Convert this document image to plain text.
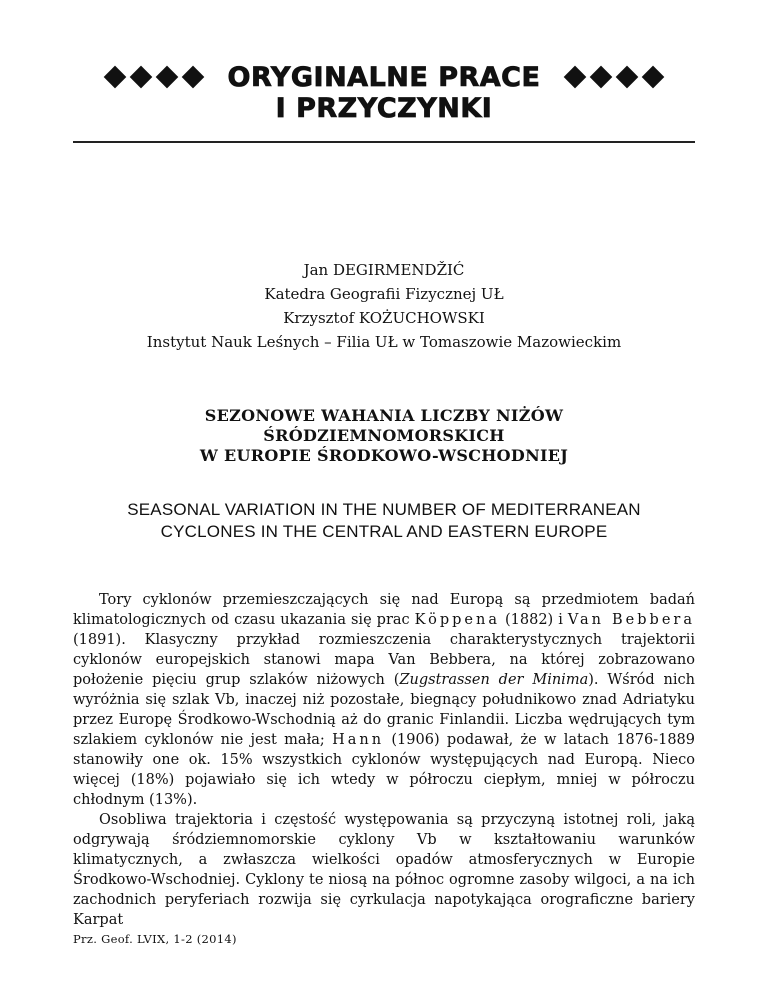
ORYGINALNE PRACE
I PRZYCZYNKI
Jan DEGIRMENDŽIĆ
Katedra Geografii Fizycznej UŁ
Krzysztof KOŻUCHOWSKI
Instytut Nauk Leśnych – Filia UŁ w Tomaszowie Mazowieckim
SEZONOWE WAHANIA LICZBY NIŻÓW
ŚRÓDZIEMNOMORSKICH
W EUROPIE ŚRODKOWO-WSCHODNIEJ
SEASONAL VARIATION IN THE NUMBER OF MEDITERRANEAN
CYCLONES IN THE CENTRAL AND EASTERN EUROPE

Tory cyklonów przemieszczających się nad Europą są przedmiotem badań klimatologicznych od czasu ukazania się prac Köppena (1882) i Van Bebbera (1891). Klasyczny przykład rozmieszczenia charakterystycznych trajektorii cyklonów europejskich stanowi mapa Van Bebbera, na której zobrazowano położenie pięciu grup szlaków niżowych (Zugstrassen der Minima). Wśród nich wyróżnia się szlak Vb, inaczej niż pozostałe, biegnący południkowo znad Adriatyku przez Europę Środkowo-Wschodnią aż do granic Finlandii. Liczba wędrujących tym szlakiem cyklonów nie jest mała; Hann (1906) podawał, że w latach 1876-1889 stanowiły one ok. 15% wszystkich cyklonów występujących nad Europą. Nieco więcej (18%) pojawiało się ich wtedy w półroczu ciepłym, mniej w półroczu chłodnym (13%).

Osobliwa trajektoria i częstość występowania są przyczyną istotnej roli, jaką odgrywają śródziemnomorskie cyklony Vb w kształtowaniu warunków klimatycznych, a zwłaszcza wielkości opadów atmosferycznych w Europie Środkowo-Wschodniej. Cyklony te niosą na północ ogromne zasoby wilgoci, a na ich zachodnich peryferiach rozwija się cyrkulacja napotykająca orograficzne bariery Karpat

Prz. Geof. LVIX, 1-2 (2014)
